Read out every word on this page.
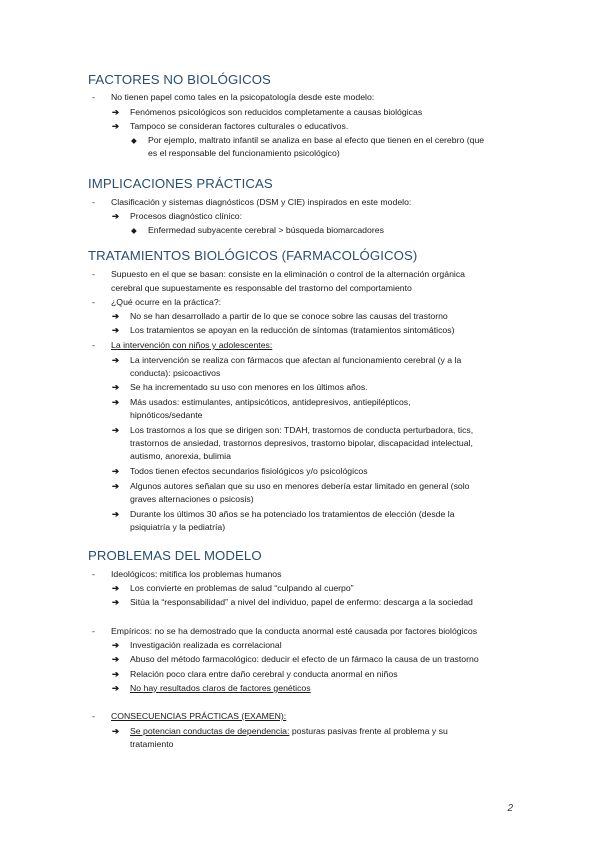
FACTORES NO BIOLÓGICOS
- No tienen papel como tales en la psicopatología desde este modelo:
➔ Fenómenos psicológicos son reducidos completamente a causas biológicas
➔ Tampoco se consideran factores culturales o educativos.
◆ Por ejemplo, maltrato infantil se analiza en base al efecto que tienen en el cerebro (que
es el responsable del funcionamiento psicológico)
IMPLICACIONES PRÁCTICAS
- Clasificación y sistemas diagnósticos (DSM y CIE) inspirados en este modelo:
➔ Procesos diagnóstico clínico:
◆ Enfermedad subyacente cerebral > búsqueda biomarcadores
TRATAMIENTOS BIOLÓGICOS (FARMACOLÓGICOS)
- Supuesto en el que se basan: consiste en la eliminación o control de la alternación orgánica
cerebral que supuestamente es responsable del trastorno del comportamiento
- ¿Qué ocurre en la práctica?:
➔ No se han desarrollado a partir de lo que se conoce sobre las causas del trastorno
➔ Los tratamientos se apoyan en la reducción de síntomas (tratamientos sintomáticos)
- La intervención con niños y adolescentes:
➔ La intervención se realiza con fármacos que afectan al funcionamiento cerebral (y a la
conducta): psicoactivos
➔ Se ha incrementado su uso con menores en los últimos años.
➔ Más usados: estimulantes, antipsicóticos, antidepresivos, antiepilépticos,
hipnóticos/sedante
➔ Los trastornos a los que se dirigen son: TDAH, trastornos de conducta perturbadora, tics,
trastornos de ansiedad, trastornos depresivos, trastorno bipolar, discapacidad intelectual,
autismo, anorexia, bulimia
➔ Todos tienen efectos secundarios fisiológicos y/o psicológicos
➔ Algunos autores señalan que su uso en menores debería estar limitado en general (solo
graves alternaciones o psicosis)
➔ Durante los últimos 30 años se ha potenciado los tratamientos de elección (desde la
psiquiatría y la pediatría)
PROBLEMAS DEL MODELO
- Ideológicos: mitifica los problemas humanos
➔ Los convierte en problemas de salud “culpando al cuerpo”
➔ Sitúa la “responsabilidad” a nivel del individuo, papel de enfermo: descarga a la sociedad
- Empíricos: no se ha demostrado que la conducta anormal esté causada por factores biológicos
➔ Investigación realizada es correlacional
➔ Abuso del método farmacológico: deducir el efecto de un fármaco la causa de un trastorno
➔ Relación poco clara entre daño cerebral y conducta anormal en niños
➔ No hay resultados claros de factores genéticos
- CONSECUENCIAS PRÁCTICAS (EXAMEN):
➔ Se potencian conductas de dependencia: posturas pasivas frente al problema y su
tratamiento
2
